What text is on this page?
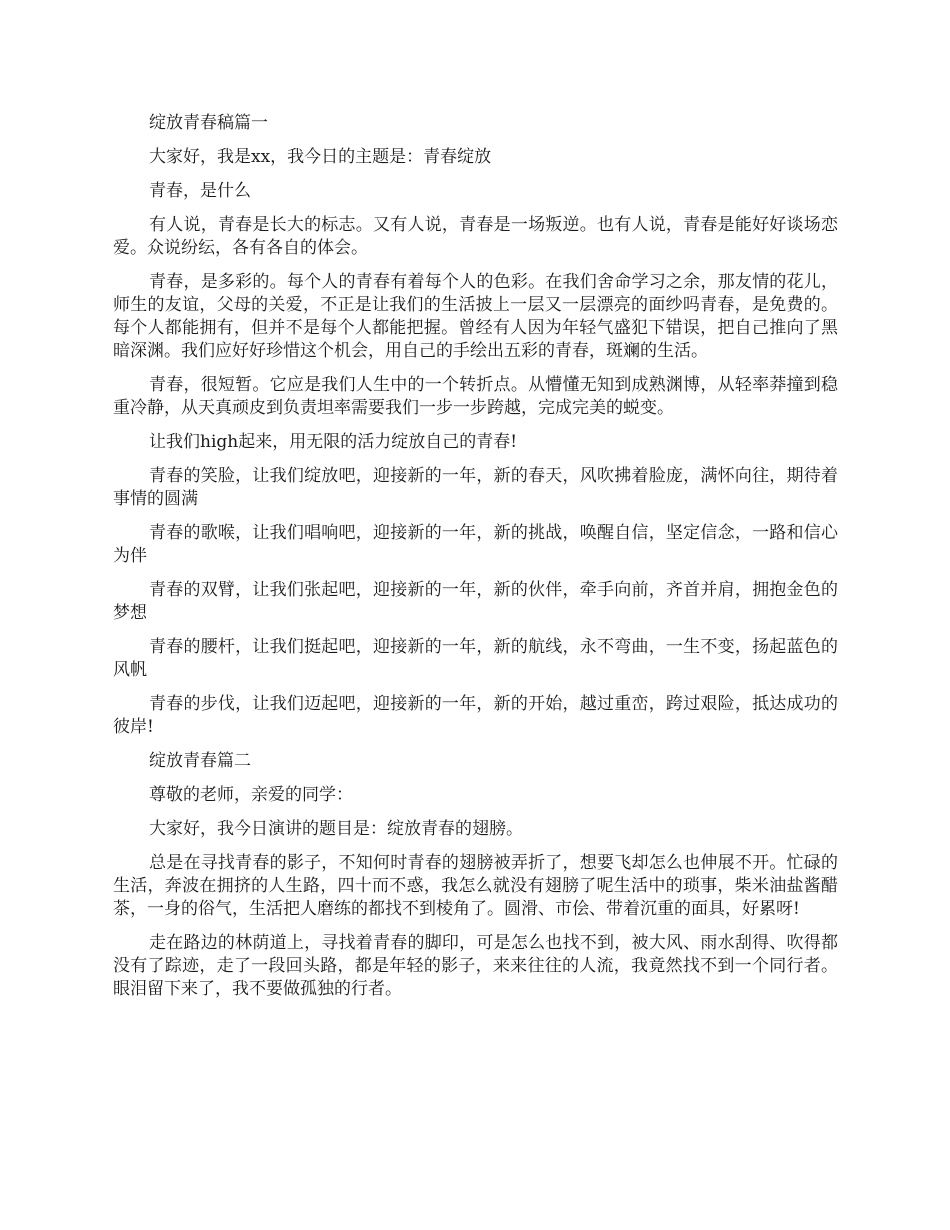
绽放青春稿篇一

大家好，我是xx，我今日的主题是：青春绽放

青春，是什么

有人说，青春是长大的标志。又有人说，青春是一场叛逆。也有人说，青春是能好好谈场恋爱。众说纷纭，各有各自的体会。

青春，是多彩的。每个人的青春有着每个人的色彩。在我们舍命学习之余，那友情的花儿，师生的友谊，父母的关爱，不正是让我们的生活披上一层又一层漂亮的面纱吗青春，是免费的。每个人都能拥有，但并不是每个人都能把握。曾经有人因为年轻气盛犯下错误，把自己推向了黑暗深渊。我们应好好珍惜这个机会，用自己的手绘出五彩的青春，斑斓的生活。

青春，很短暂。它应是我们人生中的一个转折点。从懵懂无知到成熟渊博，从轻率莽撞到稳重冷静，从天真顽皮到负责坦率需要我们一步一步跨越，完成完美的蜕变。

让我们high起来，用无限的活力绽放自己的青春!

青春的笑脸，让我们绽放吧，迎接新的一年，新的春天，风吹拂着脸庞，满怀向往，期待着事情的圆满

青春的歌喉，让我们唱响吧，迎接新的一年，新的挑战，唤醒自信，坚定信念，一路和信心为伴

青春的双臂，让我们张起吧，迎接新的一年，新的伙伴，牵手向前，齐首并肩，拥抱金色的梦想

青春的腰杆，让我们挺起吧，迎接新的一年，新的航线，永不弯曲，一生不变，扬起蓝色的风帆

青春的步伐，让我们迈起吧，迎接新的一年，新的开始，越过重峦，跨过艰险，抵达成功的彼岸!

绽放青春篇二

尊敬的老师，亲爱的同学：

大家好，我今日演讲的题目是：绽放青春的翅膀。

总是在寻找青春的影子，不知何时青春的翅膀被弄折了，想要飞却怎么也伸展不开。忙碌的生活，奔波在拥挤的人生路，四十而不惑，我怎么就没有翅膀了呢生活中的琐事，柴米油盐酱醋茶，一身的俗气，生活把人磨练的都找不到棱角了。圆滑、市侩、带着沉重的面具，好累呀!

走在路边的林荫道上，寻找着青春的脚印，可是怎么也找不到，被大风、雨水刮得、吹得都没有了踪迹，走了一段回头路，都是年轻的影子，来来往往的人流，我竟然找不到一个同行者。眼泪留下来了，我不要做孤独的行者。
